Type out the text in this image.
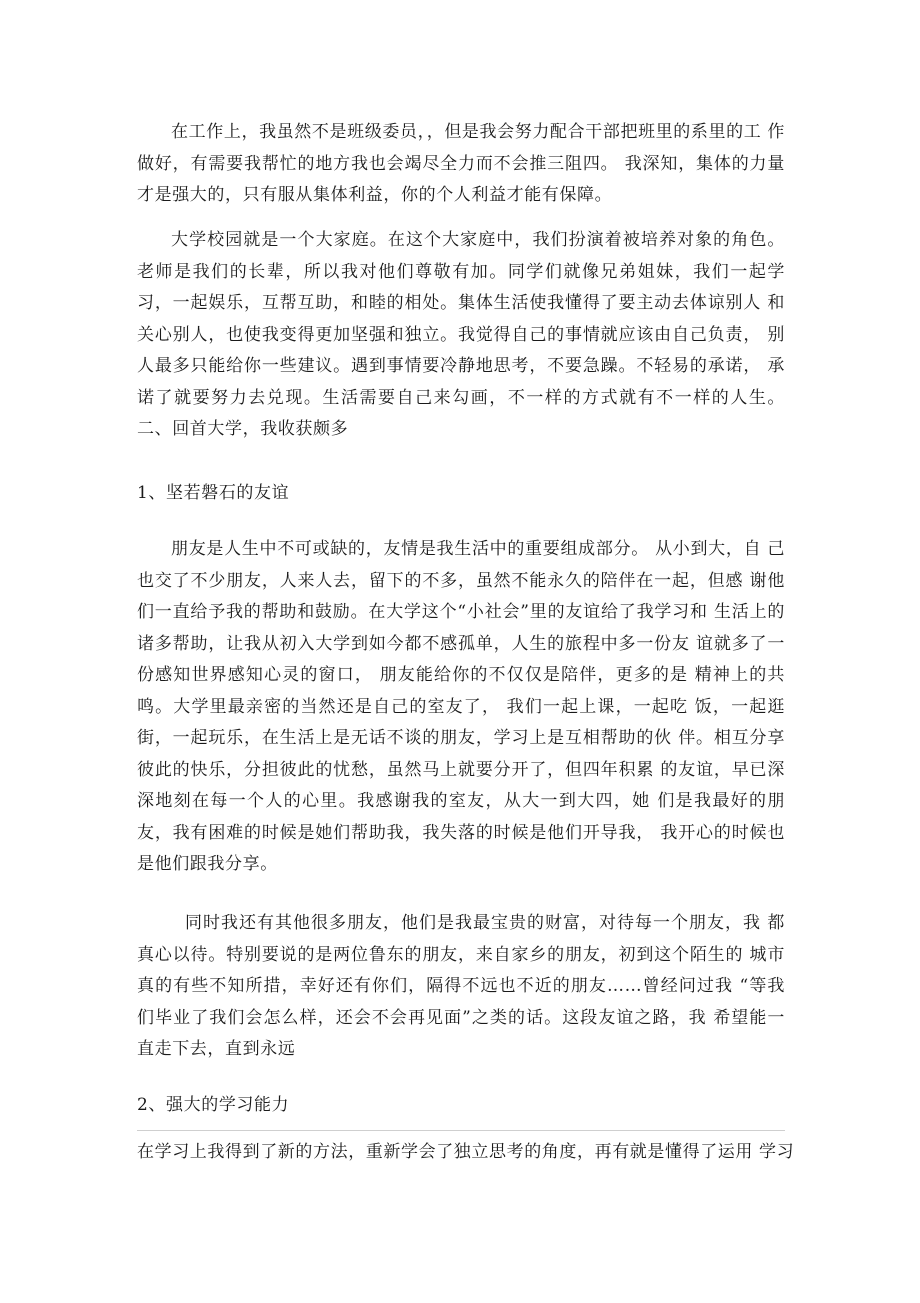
在工作上，我虽然不是班级委员，，但是我会努力配合干部把班里的系里的工 作做好，有需要我帮忙的地方我也会竭尽全力而不会推三阻四。 我深知，集体的力量才是强大的，只有服从集体利益，你的个人利益才能有保障。

大学校园就是一个大家庭。在这个大家庭中，我们扮演着被培养对象的角色。 老师是我们的长辈，所以我对他们尊敬有加。同学们就像兄弟姐妹，我们一起学 习，一起娱乐，互帮互助，和睦的相处。集体生活使我懂得了要主动去体谅别人 和关心别人，也使我变得更加坚强和独立。我觉得自己的事情就应该由自己负责， 别人最多只能给你一些建议。遇到事情要冷静地思考，不要急躁。不轻易的承诺， 承诺了就要努力去兑现。生活需要自己来勾画，不一样的方式就有不一样的人生。 二、回首大学，我收获颇多

1、坚若磐石的友谊

朋友是人生中不可或缺的，友情是我生活中的重要组成部分。 从小到大，自 己也交了不少朋友，人来人去，留下的不多，虽然不能永久的陪伴在一起，但感 谢他们一直给予我的帮助和鼓励。在大学这个“小社会”里的友谊给了我学习和 生活上的诸多帮助，让我从初入大学到如今都不感孤单，人生的旅程中多一份友 谊就多了一份感知世界感知心灵的窗口， 朋友能给你的不仅仅是陪伴，更多的是 精神上的共鸣。大学里最亲密的当然还是自己的室友了， 我们一起上课，一起吃 饭，一起逛街，一起玩乐，在生活上是无话不谈的朋友，学习上是互相帮助的伙 伴。相互分享彼此的快乐，分担彼此的忧愁，虽然马上就要分开了，但四年积累 的友谊，早已深深地刻在每一个人的心里。我感谢我的室友，从大一到大四，她 们是我最好的朋友，我有困难的时候是她们帮助我，我失落的时候是他们开导我， 我开心的时候也是他们跟我分享。

同时我还有其他很多朋友，他们是我最宝贵的财富，对待每一个朋友，我 都真心以待。特别要说的是两位鲁东的朋友，来自家乡的朋友，初到这个陌生的 城市真的有些不知所措，幸好还有你们，隔得不远也不近的朋友……曾经问过我 “等我们毕业了我们会怎么样，还会不会再见面”之类的话。这段友谊之路，我 希望能一直走下去，直到永远

2、强大的学习能力

在学习上我得到了新的方法，重新学会了独立思考的角度，再有就是懂得了运用 学习
